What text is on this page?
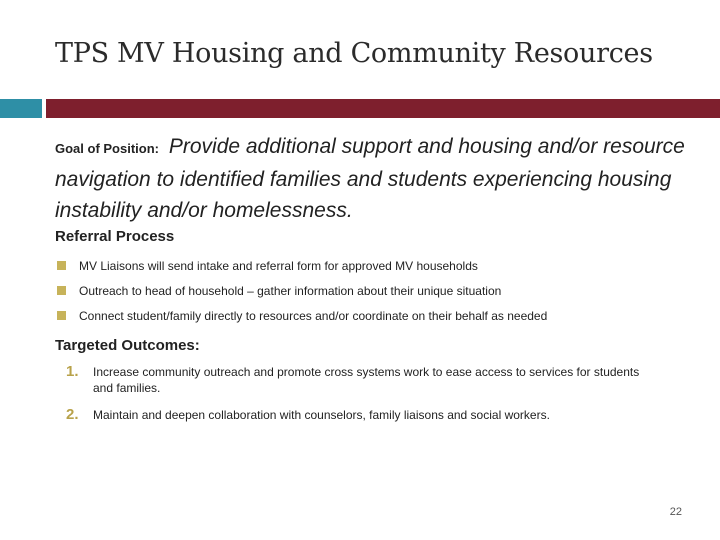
TPS MV Housing and Community Resources
Goal of Position: Provide additional support and housing and/or resource navigation to identified families and students experiencing housing instability and/or homelessness.
Referral Process
MV Liaisons will send intake and referral form for approved MV households
Outreach to head of household – gather information about their unique situation
Connect student/family directly to resources and/or coordinate on their behalf as needed
Targeted Outcomes:
1.	Increase community outreach and promote cross systems work to ease access to services for students and families.
2.	Maintain and deepen collaboration with counselors, family liaisons and social workers.
22
